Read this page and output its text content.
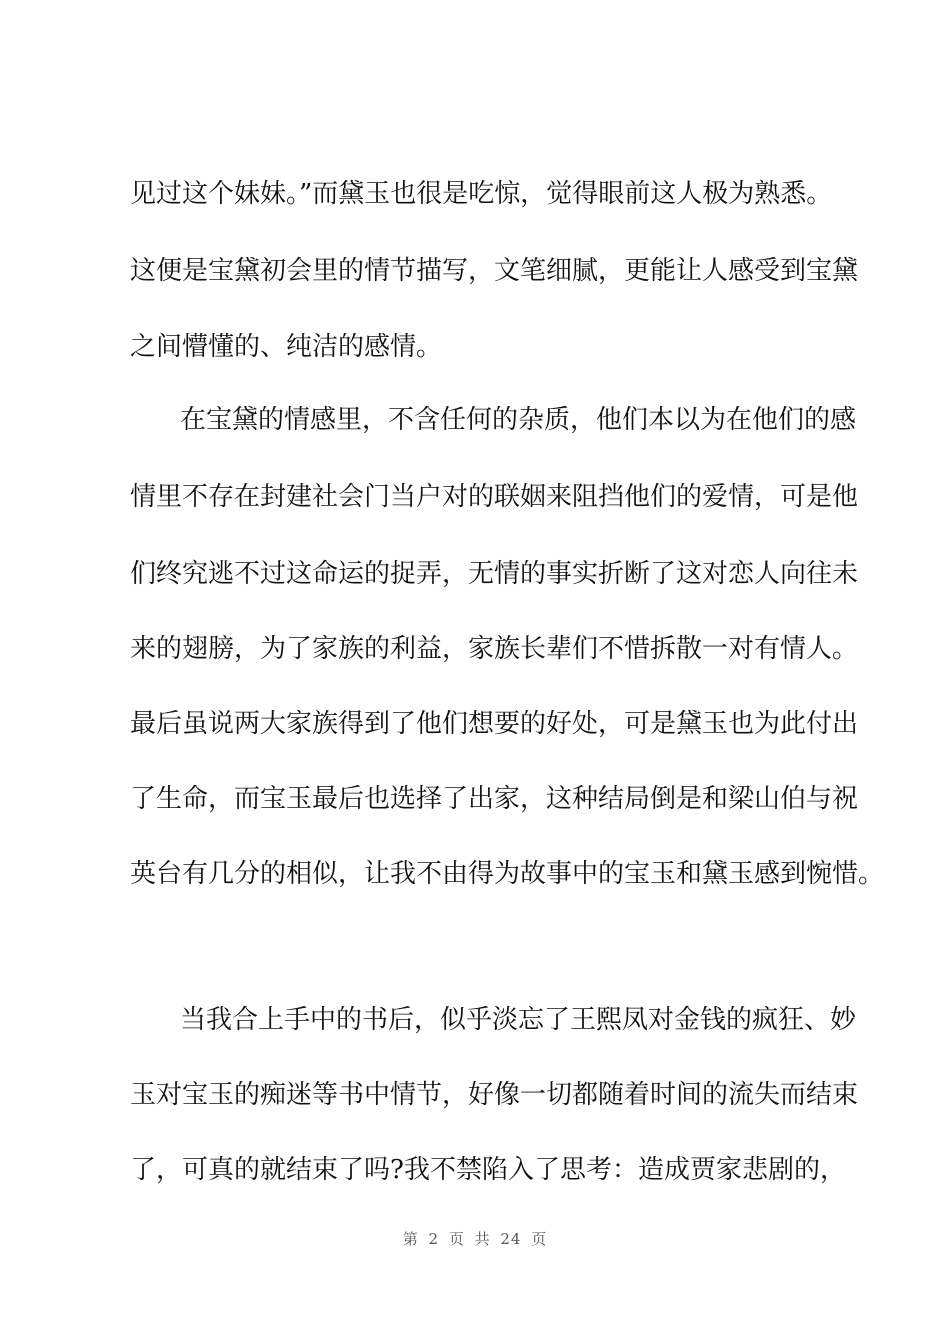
见过这个妹妹。”而黛玉也很是吃惊，觉得眼前这人极为熟悉。

这便是宝黛初会里的情节描写，文笔细腻，更能让人感受到宝黛

之间懵懂的、纯洁的感情。

在宝黛的情感里，不含任何的杂质，他们本以为在他们的感

情里不存在封建社会门当户对的联姻来阻挡他们的爱情，可是他

们终究逃不过这命运的捉弄，无情的事实折断了这对恋人向往未

来的翅膀，为了家族的利益，家族长辈们不惜拆散一对有情人。

最后虽说两大家族得到了他们想要的好处，可是黛玉也为此付出

了生命，而宝玉最后也选择了出家，这种结局倒是和梁山伯与祝

英台有几分的相似，让我不由得为故事中的宝玉和黛玉感到惋惜。

当我合上手中的书后，似乎淡忘了王熙凤对金钱的疯狂、妙

玉对宝玉的痴迷等书中情节，好像一切都随着时间的流失而结束

了，可真的就结束了吗?我不禁陷入了思考：造成贾家悲剧的，

第 2 页 共 24 页
